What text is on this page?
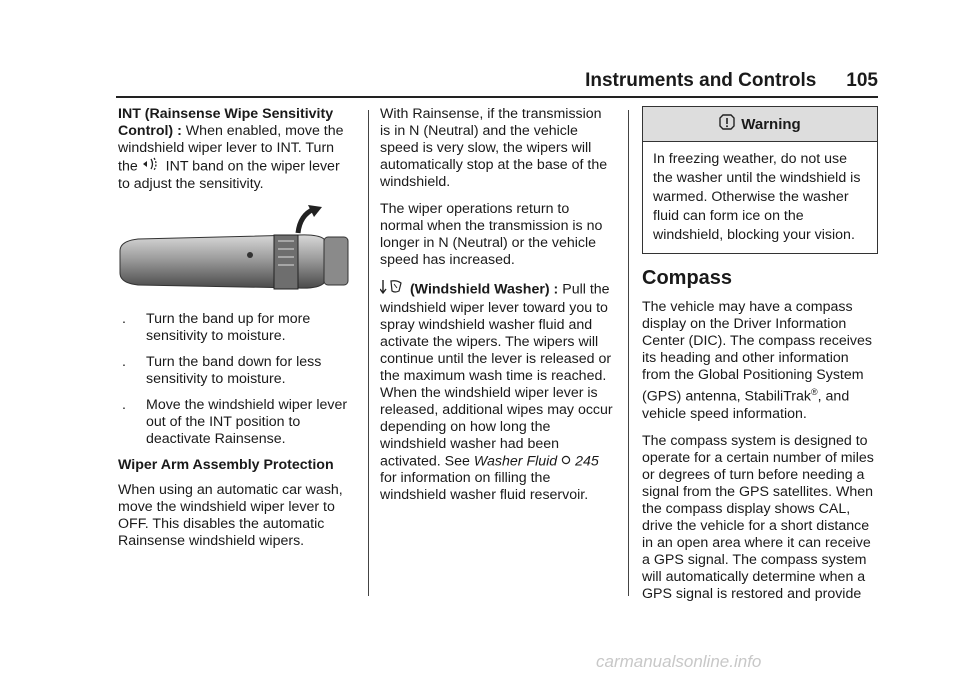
Instruments and Controls 105

INT (Rainsense Wipe Sensitivity Control) : When enabled, move the windshield wiper lever to INT. Turn the INT band on the wiper lever to adjust the sensitivity.

.	Turn the band up for more sensitivity to moisture.
.	Turn the band down for less sensitivity to moisture.
.	Move the windshield wiper lever out of the INT position to deactivate Rainsense.
Wiper Arm Assembly Protection

When using an automatic car wash, move the windshield wiper lever to OFF. This disables the automatic Rainsense windshield wipers.

With Rainsense, if the transmission is in N (Neutral) and the vehicle speed is very slow, the wipers will automatically stop at the base of the windshield.

The wiper operations return to normal when the transmission is no longer in N (Neutral) or the vehicle speed has increased.

(Windshield Washer) : Pull the windshield wiper lever toward you to spray windshield washer fluid and activate the wipers. The wipers will continue until the lever is released or the maximum wash time is reached. When the windshield wiper lever is released, additional wipes may occur depending on how long the windshield washer had been activated. See Washer Fluid 245 for information on filling the windshield washer fluid reservoir.

Warning
In freezing weather, do not use the washer until the windshield is warmed. Otherwise the washer fluid can form ice on the windshield, blocking your vision.
Compass

The vehicle may have a compass display on the Driver Information Center (DIC). The compass receives its heading and other information from the Global Positioning System (GPS) antenna, StabiliTrak®, and vehicle speed information.

The compass system is designed to operate for a certain number of miles or degrees of turn before needing a signal from the GPS satellites. When the compass display shows CAL, drive the vehicle for a short distance in an open area where it can receive a GPS signal. The compass system will automatically determine when a GPS signal is restored and provide

carmanualsonline.info
